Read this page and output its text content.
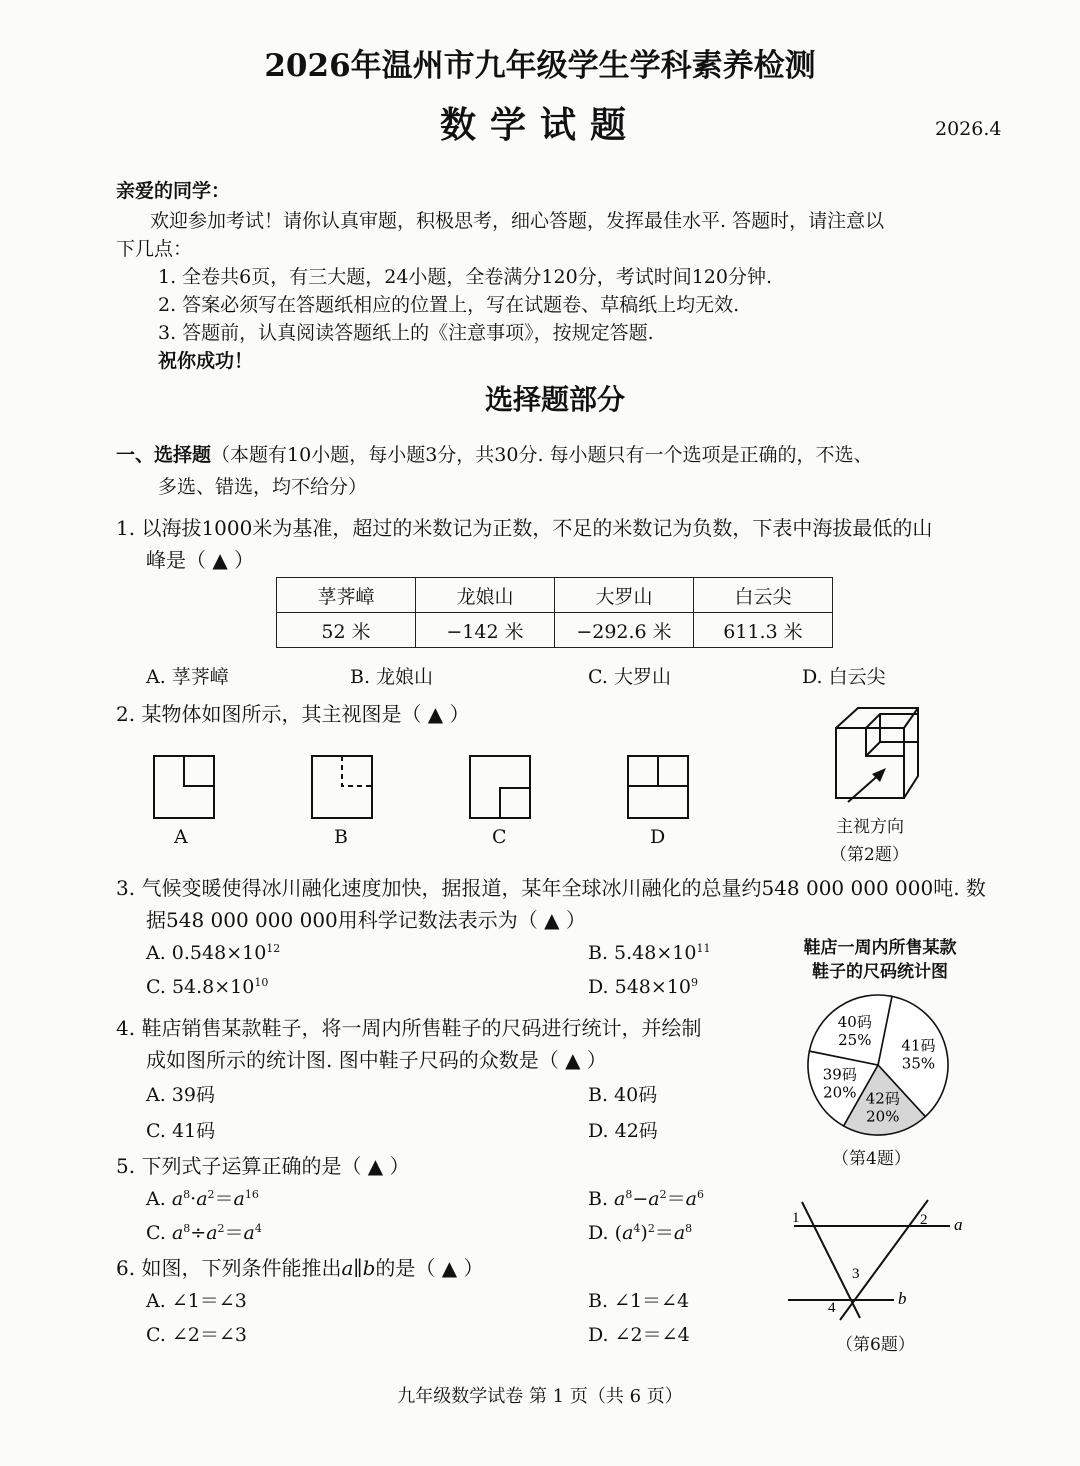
2026年温州市九年级学生学科素养检测
数学试题	2026.4
亲爱的同学：
欢迎参加考试！请你认真审题，积极思考，细心答题，发挥最佳水平. 答题时，请注意以
下几点：
1. 全卷共6页，有三大题，24小题，全卷满分120分，考试时间120分钟.
2. 答案必须写在答题纸相应的位置上，写在试题卷、草稿纸上均无效.
3. 答题前，认真阅读答题纸上的《注意事项》，按规定答题.
祝你成功！
选择题部分
一、选择题（本题有10小题，每小题3分，共30分. 每小题只有一个选项是正确的，不选、
多选、错选，均不给分）
1. 以海拔1000米为基准，超过的米数记为正数，不足的米数记为负数，下表中海拔最低的山
峰是（ ▲ ）
莩荠嶂	龙娘山	大罗山	白云尖
52 米	−142 米	−292.6 米	611.3 米
A. 莩荠嶂	B. 龙娘山	C. 大罗山	D. 白云尖
2. 某物体如图所示，其主视图是（ ▲ ）
A	B	C	D	主视方向
（第2题）
3. 气候变暖使得冰川融化速度加快，据报道，某年全球冰川融化的总量约548 000 000 000吨. 数
据548 000 000 000用科学记数法表示为（ ▲ ）
A. $0.548\times 10^{12}$	B. $5.48\times 10^{11}$
C. $54.8\times 10^{10}$	D. $548\times 10^9$
4. 鞋店销售某款鞋子，将一周内所售鞋子的尺码进行统计，并绘制
成如图所示的统计图. 图中鞋子尺码的众数是（ ▲ ）
A. 39码	B. 40码
C. 41码	D. 42码
鞋店一周内所售某款
鞋子的尺码统计图
41码
35%
42码
20%
39码
20%
40码
25%
（第4题）
5. 下列式子运算正确的是（ ▲ ）
A. $a^8\cdot a^2=a^{16}$	B. $a^8-a^2=a^6$
C. $a^8\div a^2=a^4$	D. $(a^4)^2=a^8$
6. 如图，下列条件能推出a∥b的是（ ▲ ）
A. ∠1＝∠3	B. ∠1＝∠4
C. ∠2＝∠3	D. ∠2＝∠4
1	2
3
4
a
b
（第6题）
九年级数学试卷 第 1 页（共 6 页）
